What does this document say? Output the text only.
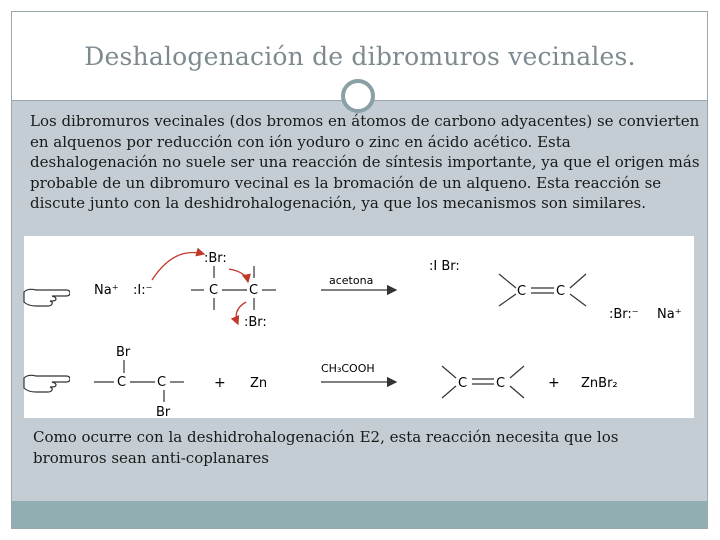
Deshalogenación de dibromuros vecinales.
Los dibromuros vecinales (dos bromos en átomos de carbono adyacentes) se convierten en alquenos por reducción con ión yoduro o zinc en ácido acético. Esta deshalogenación no suele ser una reacción de síntesis importante, ya que el origen más probable de un dibromuro vecinal es la bromación de un alqueno. Esta reacción se discute junto con la deshidrohalogenación, ya que los mecanismos son similares.
Na⁺ :I:⁻	C C
:Br:
:Br:
acetona
:I Br:
C C
:Br:⁻ Na⁺
Br
C C
Br
+ Zn
CH₃COOH
C C	+ ZnBr₂
Como ocurre con la deshidrohalogenación E2, esta reacción necesita que los bromuros sean anti-coplanares
